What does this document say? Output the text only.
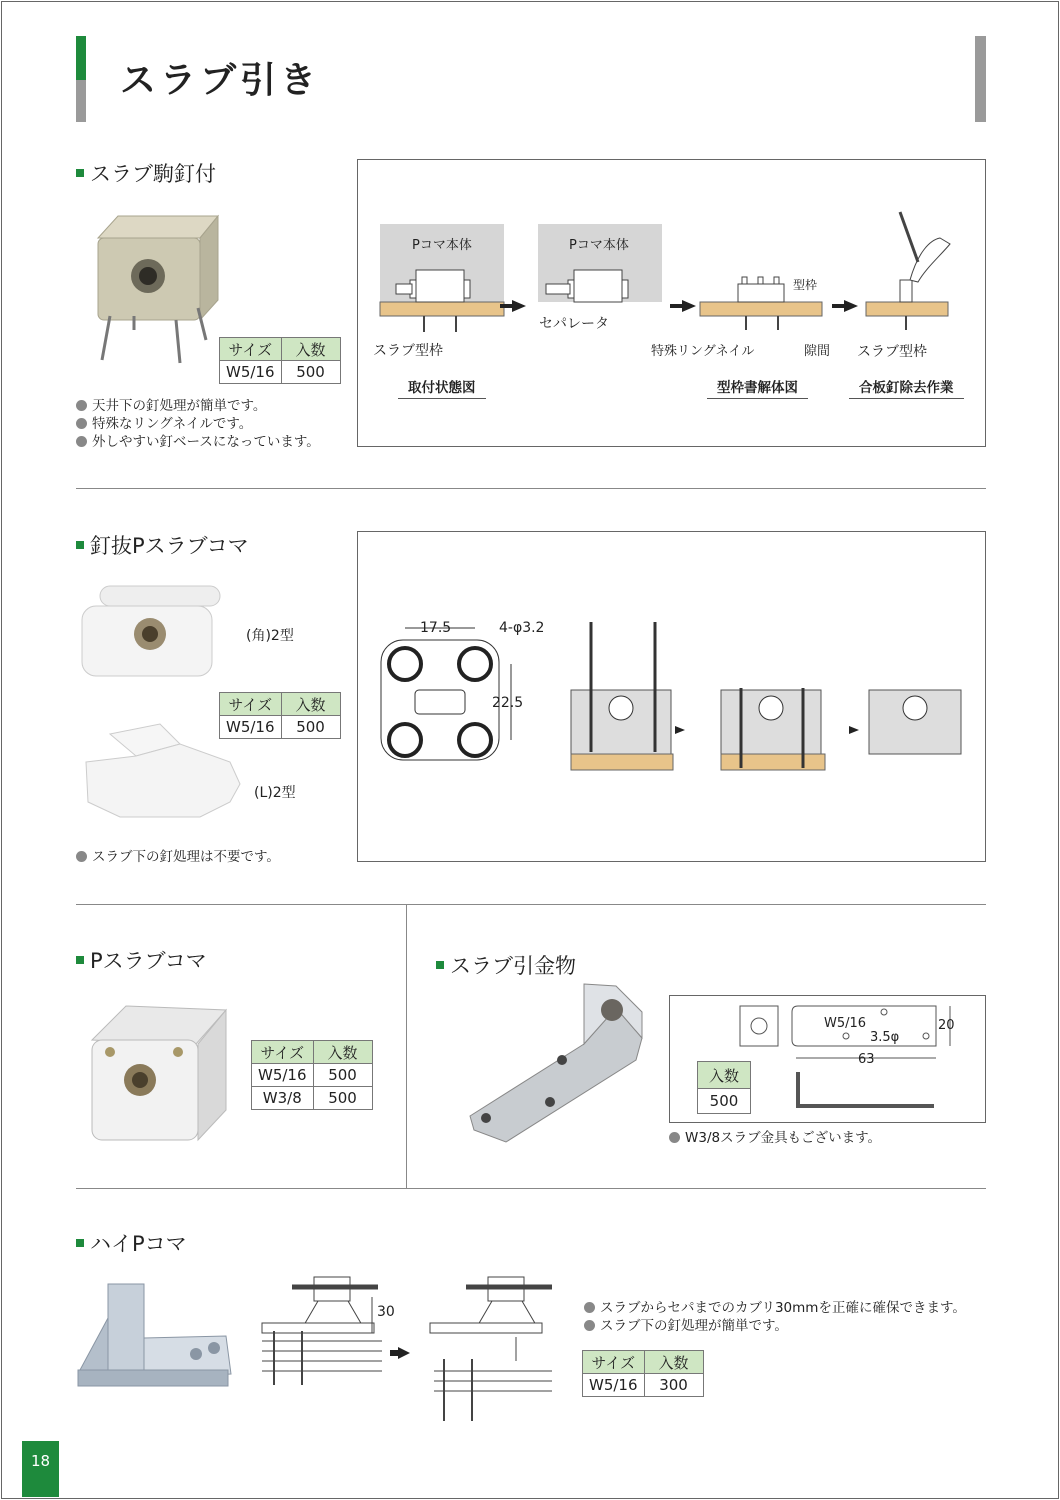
スラブ引き
スラブ駒釘付
サイズ	入数
W5/16	500
天井下の釘処理が簡単です。
特殊なリングネイルです。
外しやすい釘ベースになっています。
Pコマ本体	Pコマ本体
セパレータ
スラブ型枠
型枠
特殊リングネイル	隙間 スラブ型枠
取付状態図	型枠書解体図	合板釘除去作業
釘抜Pスラブコマ
(角)2型
サイズ	入数
W5/16	500
(L)2型
スラブ下の釘処理は不要です。
17.5	4-φ3.2
22.5
Pスラブコマ
サイズ	入数
W5/16	500
W3/8	500
スラブ引金物
W5/16
3.5φ
20
63
入数
500
W3/8スラブ金具もございます。
ハイPコマ
30	スラブからセパまでのカブリ30mmを正確に確保できます。
スラブ下の釘処理が簡単です。
サイズ	入数
W5/16	300
18
